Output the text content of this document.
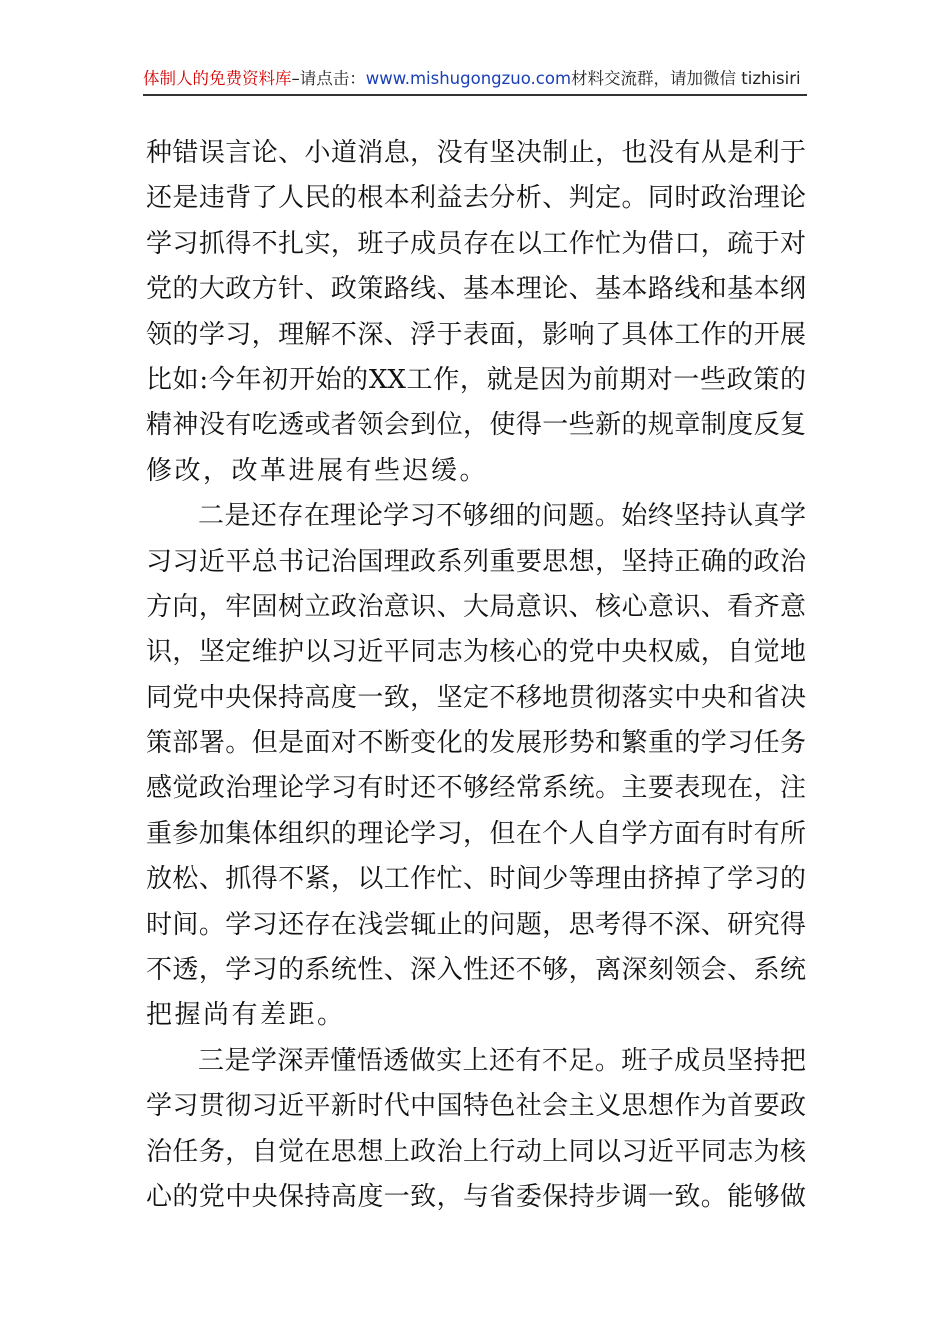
体制人的免费资料库–请点击：www.mishugongzuo.com材料交流群，请加微信 tizhisiri
种错误言论、小道消息，没有坚决制止，也没有从是利于
还是违背了人民的根本利益去分析、判定。同时政治理论
学习抓得不扎实，班子成员存在以工作忙为借口，疏于对
党的大政方针、政策路线、基本理论、基本路线和基本纲
领的学习，理解不深、浮于表面，影响了具体工作的开展
比如:今年初开始的XX工作，就是因为前期对一些政策的
精神没有吃透或者领会到位，使得一些新的规章制度反复
修改，改革进展有些迟缓。
二是还存在理论学习不够细的问题。始终坚持认真学
习习近平总书记治国理政系列重要思想，坚持正确的政治
方向，牢固树立政治意识、大局意识、核心意识、看齐意
识，坚定维护以习近平同志为核心的党中央权威，自觉地
同党中央保持高度一致，坚定不移地贯彻落实中央和省决
策部署。但是面对不断变化的发展形势和繁重的学习任务
感觉政治理论学习有时还不够经常系统。主要表现在，注
重参加集体组织的理论学习，但在个人自学方面有时有所
放松、抓得不紧，以工作忙、时间少等理由挤掉了学习的
时间。学习还存在浅尝辄止的问题，思考得不深、研究得
不透，学习的系统性、深入性还不够，离深刻领会、系统
把握尚有差距。
三是学深弄懂悟透做实上还有不足。班子成员坚持把
学习贯彻习近平新时代中国特色社会主义思想作为首要政
治任务，自觉在思想上政治上行动上同以习近平同志为核
心的党中央保持高度一致，与省委保持步调一致。能够做
